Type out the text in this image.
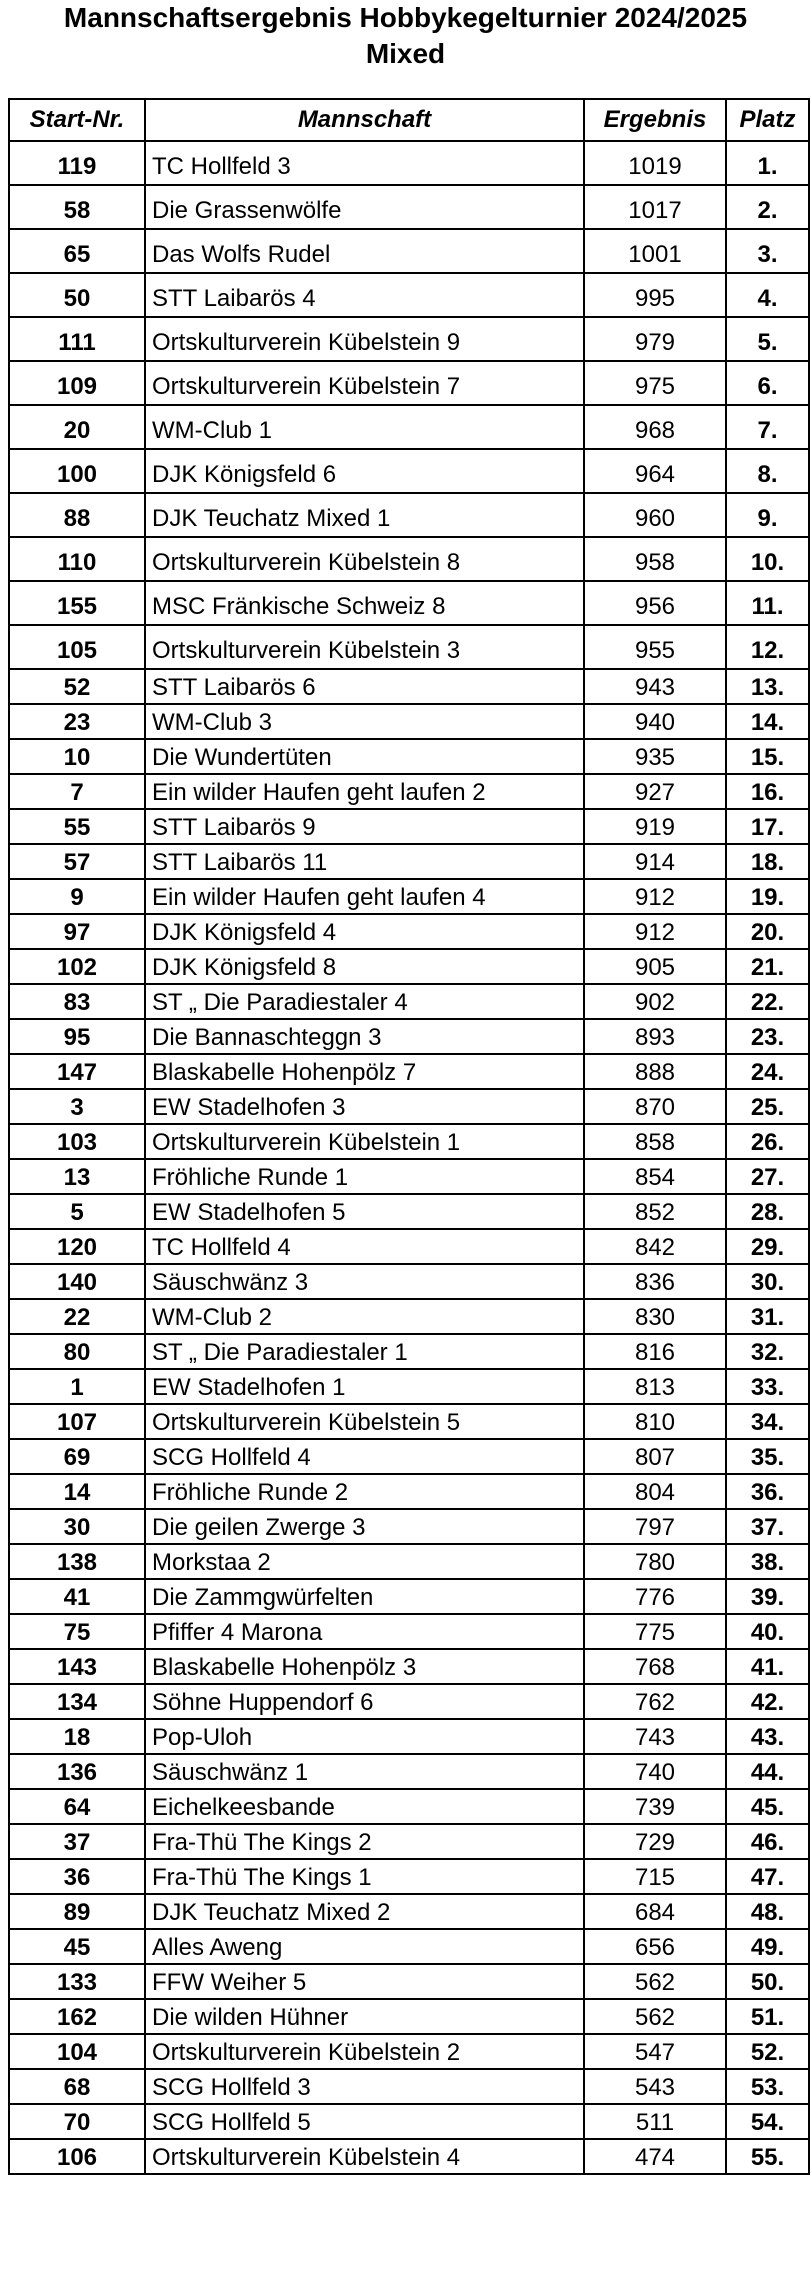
Mannschaftsergebnis Hobbykegelturnier 2024/2025
Mixed
Start-Nr.	Mannschaft	Ergebnis	Platz
119	TC Hollfeld 3	1019	1.
58	Die Grassenwölfe	1017	2.
65	Das Wolfs Rudel	1001	3.
50	STT Laibarös 4	995	4.
111	Ortskulturverein Kübelstein 9	979	5.
109	Ortskulturverein Kübelstein 7	975	6.
20	WM-Club 1	968	7.
100	DJK Königsfeld 6	964	8.
88	DJK Teuchatz Mixed 1	960	9.
110	Ortskulturverein Kübelstein 8	958	10.
155	MSC Fränkische Schweiz 8	956	11.
105	Ortskulturverein Kübelstein 3	955	12.
52	STT Laibarös 6	943	13.
23	WM-Club 3	940	14.
10	Die Wundertüten	935	15.
7	Ein wilder Haufen geht laufen 2	927	16.
55	STT Laibarös 9	919	17.
57	STT Laibarös 11	914	18.
9	Ein wilder Haufen geht laufen 4	912	19.
97	DJK Königsfeld 4	912	20.
102	DJK Königsfeld 8	905	21.
83	ST „ Die Paradiestaler 4	902	22.
95	Die Bannaschteggn 3	893	23.
147	Blaskabelle Hohenpölz 7	888	24.
3	EW Stadelhofen 3	870	25.
103	Ortskulturverein Kübelstein 1	858	26.
13	Fröhliche Runde 1	854	27.
5	EW Stadelhofen 5	852	28.
120	TC Hollfeld 4	842	29.
140	Säuschwänz 3	836	30.
22	WM-Club 2	830	31.
80	ST „ Die Paradiestaler 1	816	32.
1	EW Stadelhofen 1	813	33.
107	Ortskulturverein Kübelstein 5	810	34.
69	SCG Hollfeld 4	807	35.
14	Fröhliche Runde 2	804	36.
30	Die geilen Zwerge 3	797	37.
138	Morkstaa 2	780	38.
41	Die Zammgwürfelten	776	39.
75	Pfiffer 4 Marona	775	40.
143	Blaskabelle Hohenpölz 3	768	41.
134	Söhne Huppendorf 6	762	42.
18	Pop-Uloh	743	43.
136	Säuschwänz 1	740	44.
64	Eichelkeesbande	739	45.
37	Fra-Thü The Kings 2	729	46.
36	Fra-Thü The Kings 1	715	47.
89	DJK Teuchatz Mixed 2	684	48.
45	Alles Aweng	656	49.
133	FFW Weiher 5	562	50.
162	Die wilden Hühner	562	51.
104	Ortskulturverein Kübelstein 2	547	52.
68	SCG Hollfeld 3	543	53.
70	SCG Hollfeld 5	511	54.
106	Ortskulturverein Kübelstein 4	474	55.
